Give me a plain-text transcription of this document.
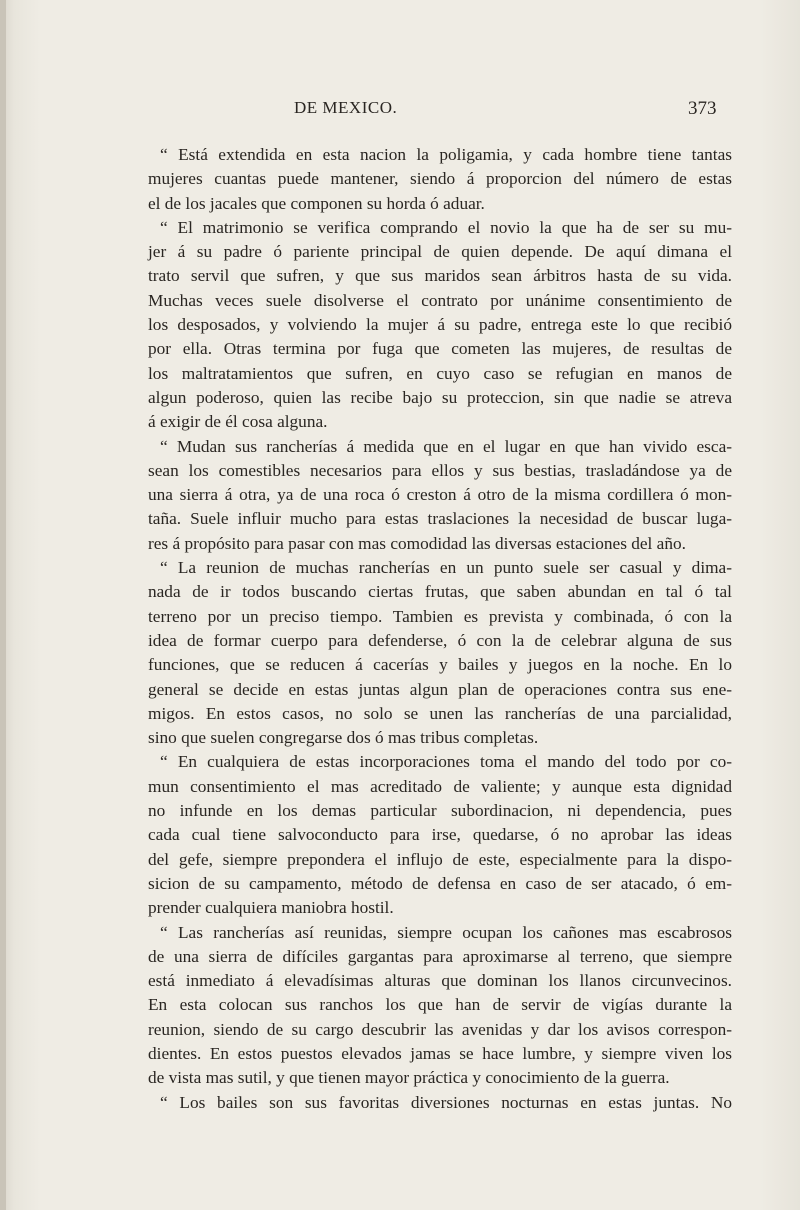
DE MEXICO.	373
“ Está extendida en esta nacion la poligamia, y cada hombre tiene tantas
mujeres cuantas puede mantener, siendo á proporcion del número de estas
el de los jacales que componen su horda ó aduar.
“ El matrimonio se verifica comprando el novio la que ha de ser su mu-
jer á su padre ó pariente principal de quien depende. De aquí dimana el
trato servil que sufren, y que sus maridos sean árbitros hasta de su vida.
Muchas veces suele disolverse el contrato por unánime consentimiento de
los desposados, y volviendo la mujer á su padre, entrega este lo que recibió
por ella. Otras termina por fuga que cometen las mujeres, de resultas de
los maltratamientos que sufren, en cuyo caso se refugian en manos de
algun poderoso, quien las recibe bajo su proteccion, sin que nadie se atreva
á exigir de él cosa alguna.
“ Mudan sus rancherías á medida que en el lugar en que han vivido esca-
sean los comestibles necesarios para ellos y sus bestias, trasladándose ya de
una sierra á otra, ya de una roca ó creston á otro de la misma cordillera ó mon-
taña. Suele influir mucho para estas traslaciones la necesidad de buscar luga-
res á propósito para pasar con mas comodidad las diversas estaciones del año.
“ La reunion de muchas rancherías en un punto suele ser casual y dima-
nada de ir todos buscando ciertas frutas, que saben abundan en tal ó tal
terreno por un preciso tiempo. Tambien es prevista y combinada, ó con la
idea de formar cuerpo para defenderse, ó con la de celebrar alguna de sus
funciones, que se reducen á cacerías y bailes y juegos en la noche. En lo
general se decide en estas juntas algun plan de operaciones contra sus ene-
migos. En estos casos, no solo se unen las rancherías de una parcialidad,
sino que suelen congregarse dos ó mas tribus completas.
“ En cualquiera de estas incorporaciones toma el mando del todo por co-
mun consentimiento el mas acreditado de valiente; y aunque esta dignidad
no infunde en los demas particular subordinacion, ni dependencia, pues
cada cual tiene salvoconducto para irse, quedarse, ó no aprobar las ideas
del gefe, siempre prepondera el influjo de este, especialmente para la dispo-
sicion de su campamento, método de defensa en caso de ser atacado, ó em-
prender cualquiera maniobra hostil.
“ Las rancherías así reunidas, siempre ocupan los cañones mas escabrosos
de una sierra de difíciles gargantas para aproximarse al terreno, que siempre
está inmediato á elevadísimas alturas que dominan los llanos circunvecinos.
En esta colocan sus ranchos los que han de servir de vigías durante la
reunion, siendo de su cargo descubrir las avenidas y dar los avisos correspon-
dientes. En estos puestos elevados jamas se hace lumbre, y siempre viven los
de vista mas sutil, y que tienen mayor práctica y conocimiento de la guerra.
“ Los bailes son sus favoritas diversiones nocturnas en estas juntas. No
